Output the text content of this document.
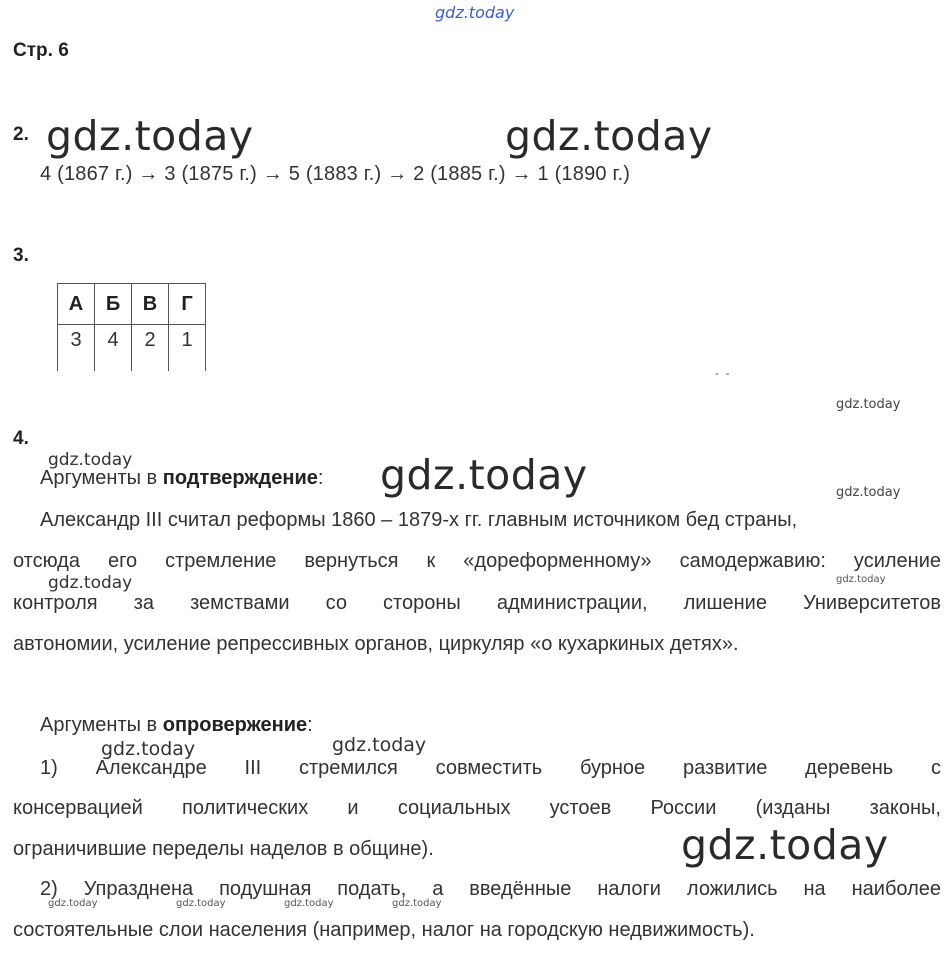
gdz.today
Стр. 6
2. gdz.today	gdz.today
4 (1867 г.) → 3 (1875 г.) → 5 (1883 г.) → 2 (1885 г.) → 1 (1890 г.)
3.
А	Б	В	Г
3	4	2	1
-  -
gdz.today
4.
gdz.today
Аргументы в подтверждение: gdz.today	gdz.today
Александр III считал реформы 1860 – 1879-х гг. главным источником бед страны,
отсюда его стремление вернуться к «дореформенному» самодержавию: усиление
gdz.today	gdz.today
контроля за земствами со стороны администрации, лишение Университетов
автономии, усиление репрессивных органов, циркуляр «о кухаркиных детях».
Аргументы в опровержение:
gdz.today	gdz.today
1) Александре III стремился совместить бурное развитие деревень с
консервацией политических и социальных устоев России (изданы законы,
ограничившие переделы наделов в общине).	gdz.today
2) Упразднена подушная подать, а введённые налоги ложились на наиболее
gdz.today	gdz.today	gdz.today	gdz.today
состоятельные слои населения (например, налог на городскую недвижимость).
